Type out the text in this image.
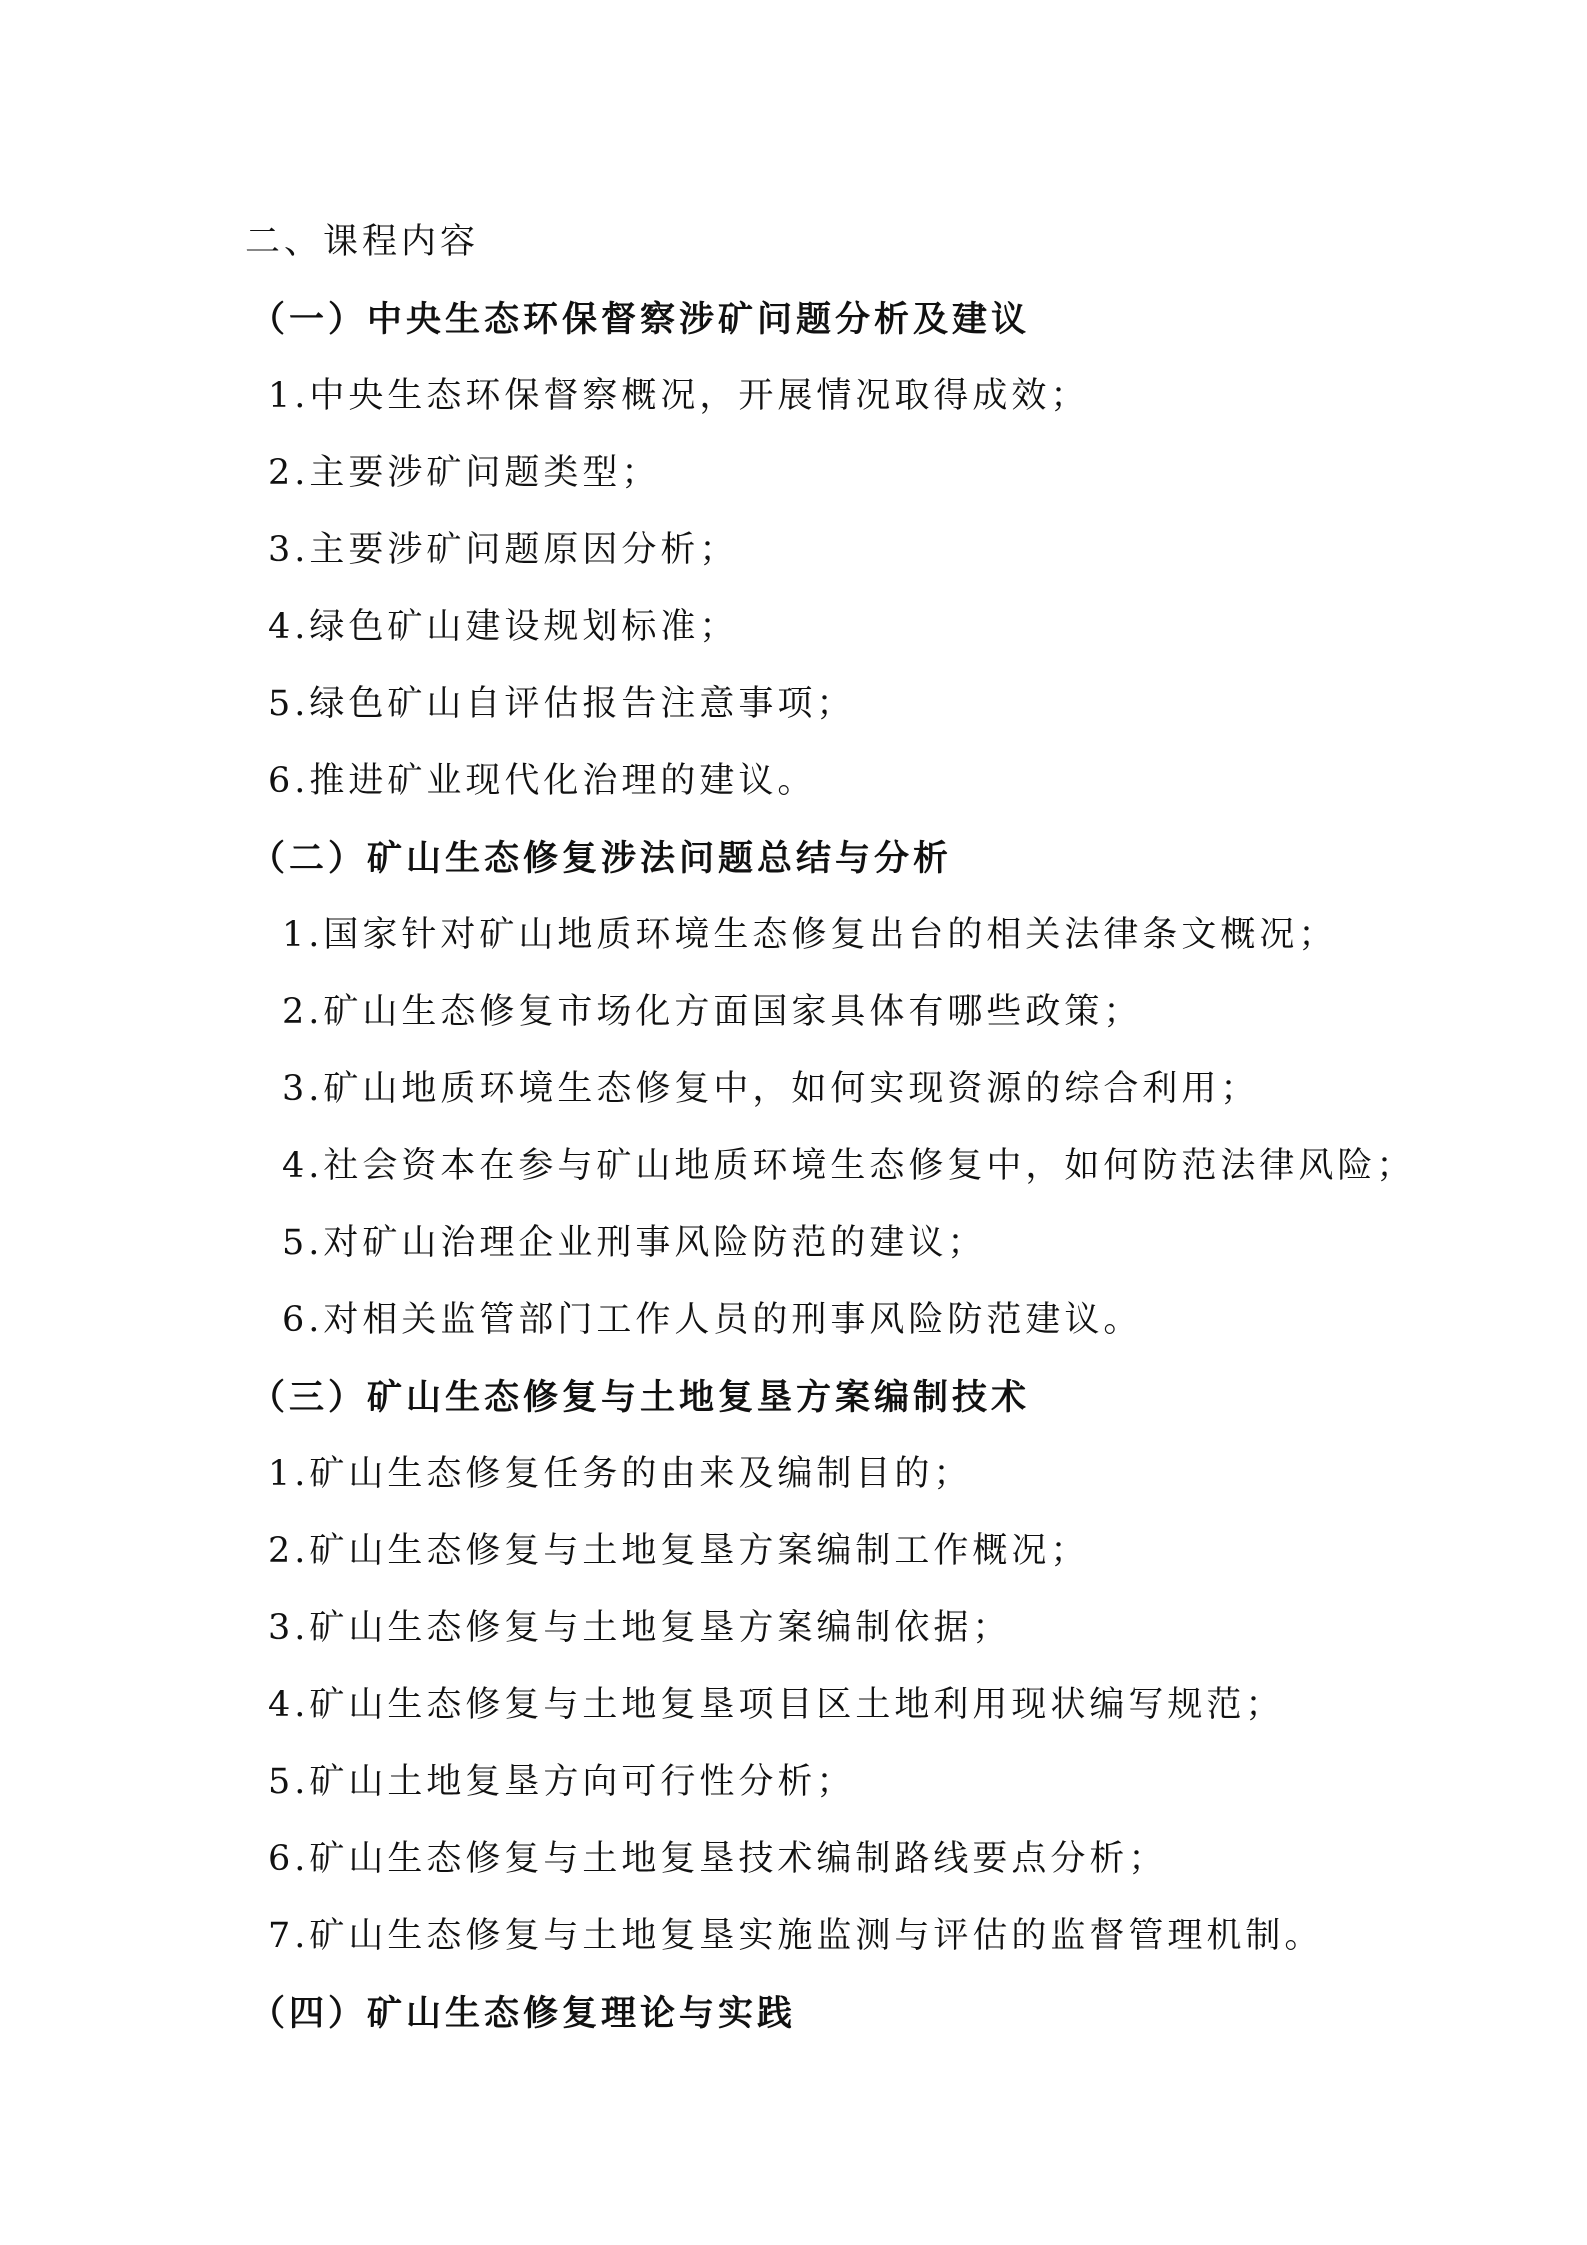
二、课程内容
（一）中央生态环保督察涉矿问题分析及建议
1.中央生态环保督察概况，开展情况取得成效；
2.主要涉矿问题类型；
3.主要涉矿问题原因分析；
4.绿色矿山建设规划标准；
5.绿色矿山自评估报告注意事项；
6.推进矿业现代化治理的建议。
（二）矿山生态修复涉法问题总结与分析
1.国家针对矿山地质环境生态修复出台的相关法律条文概况；
2.矿山生态修复市场化方面国家具体有哪些政策；
3.矿山地质环境生态修复中，如何实现资源的综合利用；
4.社会资本在参与矿山地质环境生态修复中，如何防范法律风险；
5.对矿山治理企业刑事风险防范的建议；
6.对相关监管部门工作人员的刑事风险防范建议。
（三）矿山生态修复与土地复垦方案编制技术
1.矿山生态修复任务的由来及编制目的；
2.矿山生态修复与土地复垦方案编制工作概况；
3.矿山生态修复与土地复垦方案编制依据；
4.矿山生态修复与土地复垦项目区土地利用现状编写规范；
5.矿山土地复垦方向可行性分析；
6.矿山生态修复与土地复垦技术编制路线要点分析；
7.矿山生态修复与土地复垦实施监测与评估的监督管理机制。
（四）矿山生态修复理论与实践
